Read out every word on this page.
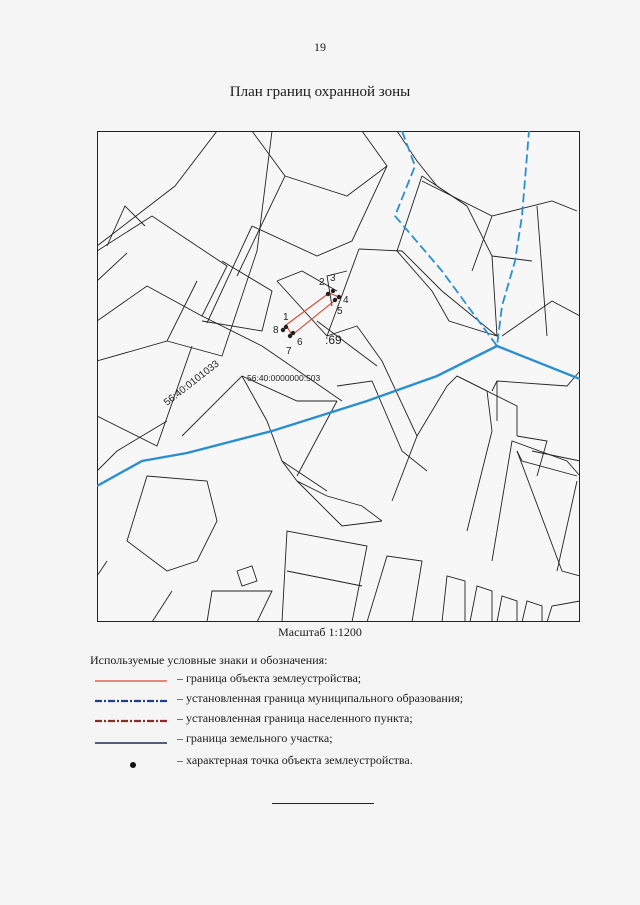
19
План границ охранной зоны
1
2 3
4
5
6
7
8
:69
56:40:0000000:503
56:40:0101033
Масштаб 1:1200
Используемые условные знаки и обозначения:
– граница объекта землеустройства;
– установленная граница муниципального образования;
– установленная граница населенного пункта;
– граница земельного участка;
– характерная точка объекта землеустройства.
